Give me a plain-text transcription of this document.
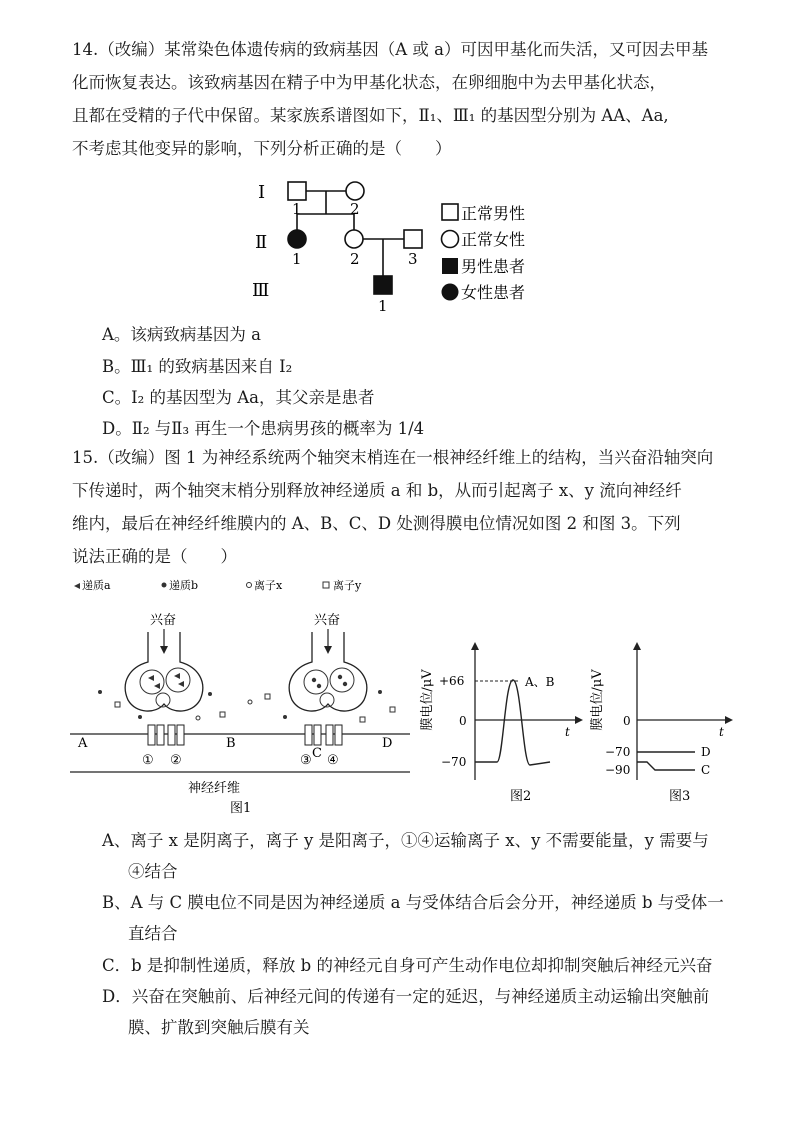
14.（改编）某常染色体遗传病的致病基因（A 或 a）可因甲基化而失活，又可因去甲基

化而恢复表达。该致病基因在精子中为甲基化状态，在卵细胞中为去甲基化状态，

且都在受精的子代中保留。某家族系谱图如下，Ⅱ₁、Ⅲ₁ 的基因型分别为 AA、Aa,

不考虑其他变异的影响，下列分析正确的是（　　）

Ⅰ
Ⅱ
Ⅲ
1	2
1	2	3
1
正常男性
正常女性
男性患者
女性患者
A。该病致病基因为 a
B。Ⅲ₁ 的致病基因来自 I₂
C。I₂ 的基因型为 Aa，其父亲是患者
D。Ⅱ₂ 与Ⅱ₃ 再生一个患病男孩的概率为 1/4

15.（改编）图 1 为神经系统两个轴突末梢连在一根神经纤维上的结构，当兴奋沿轴突向

下传递时，两个轴突末梢分别释放神经递质 a 和 b，从而引起离子 x、y 流向神经纤

维内，最后在神经纤维膜内的 A、B、C、D 处测得膜电位情况如图 2 和图 3。下列

说法正确的是（　　）

递质a	递质b	离子x	离子y
兴奋	兴奋
A	B
C
D
① ②	③ ④
神经纤维
图1
膜电位/μV
t
+66
0
−70
A、B
图2
膜电位/μV
t
0
−70
−90
D
C
图3
A、离子 x 是阴离子，离子 y 是阳离子，①④运输离子 x、y 不需要能量，y 需要与
④结合
B、A 与 C 膜电位不同是因为神经递质 a 与受体结合后会分开，神经递质 b 与受体一
直结合
C．b 是抑制性递质，释放 b 的神经元自身可产生动作电位却抑制突触后神经元兴奋
D．兴奋在突触前、后神经元间的传递有一定的延迟，与神经递质主动运输出突触前
膜、扩散到突触后膜有关
